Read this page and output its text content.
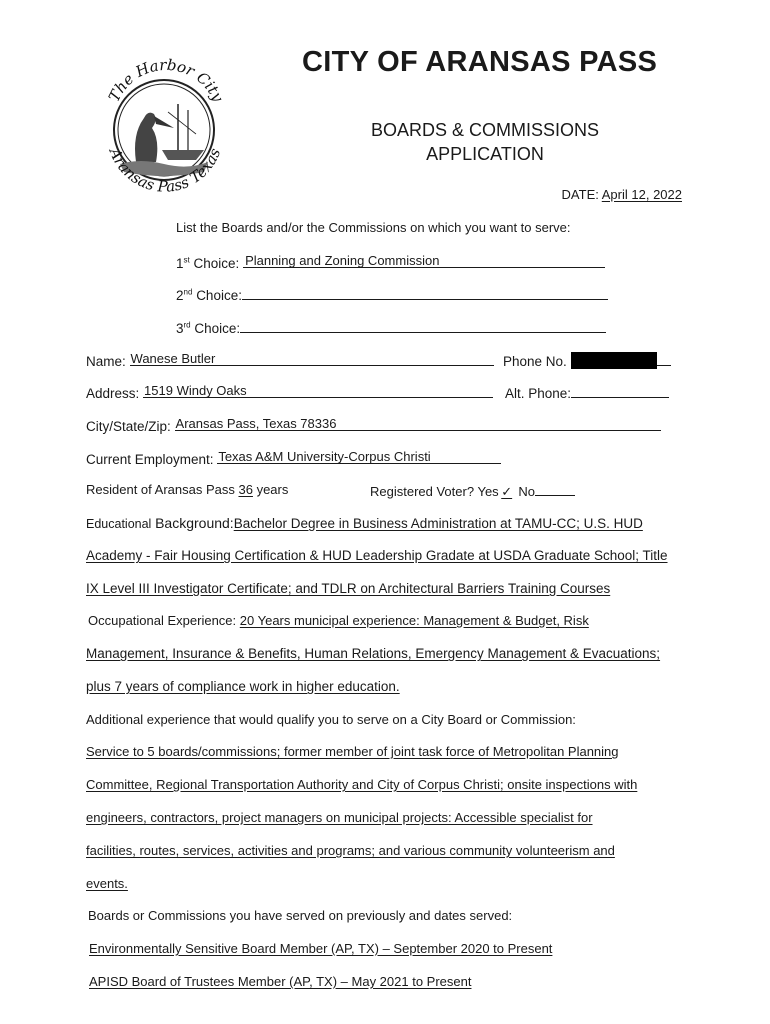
The Harbor City
Aransas Pass Texas
CITY OF ARANSAS PASS
BOARDS & COMMISSIONS
APPLICATION
DATE: April 12, 2022
List the Boards and/or the Commissions on which you want to serve:
1st Choice: Planning and Zoning Commission
2nd Choice:
3rd Choice:
Name: Wanese Butler	Phone No.
Address: 1519 Windy Oaks	Alt. Phone:
City/State/Zip: Aransas Pass, Texas 78336
Current Employment: Texas A&M University-Corpus Christi
Resident of Aransas Pass 36 years	Registered Voter? Yes ✓ No
Educational Background:Bachelor Degree in Business Administration at TAMU-CC; U.S. HUD
Academy - Fair Housing Certification & HUD Leadership Gradate at USDA Graduate School; Title
IX Level III Investigator Certificate; and TDLR on Architectural Barriers Training Courses
Occupational Experience: 20 Years municipal experience: Management & Budget, Risk
Management, Insurance & Benefits, Human Relations, Emergency Management & Evacuations;
plus 7 years of compliance work in higher education.
Additional experience that would qualify you to serve on a City Board or Commission:
Service to 5 boards/commissions; former member of joint task force of Metropolitan Planning
Committee, Regional Transportation Authority and City of Corpus Christi; onsite inspections with
engineers, contractors, project managers on municipal projects: Accessible specialist for
facilities, routes, services, activities and programs; and various community volunteerism and
events.
Boards or Commissions you have served on previously and dates served:
Environmentally Sensitive Board Member (AP, TX) – September 2020 to Present
APISD Board of Trustees Member (AP, TX) – May 2021 to Present
